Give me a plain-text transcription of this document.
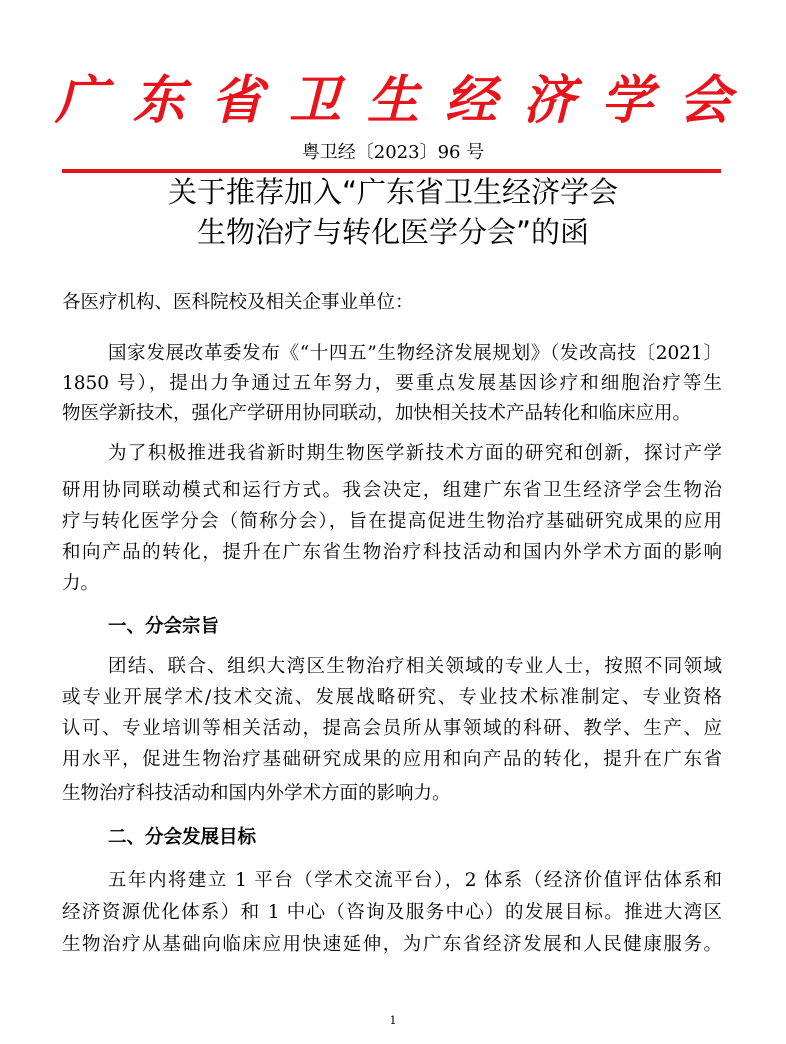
广东省卫生经济学会
粤卫经〔2023〕96 号
关于推荐加入“广东省卫生经济学会
生物治疗与转化医学分会”的函
各医疗机构、医科院校及相关企事业单位：
国家发展改革委发布《“十四五”生物经济发展规划》（发改高技〔2021〕
1850 号），提出力争通过五年努力，要重点发展基因诊疗和细胞治疗等生
物医学新技术，强化产学研用协同联动，加快相关技术产品转化和临床应用。
为了积极推进我省新时期生物医学新技术方面的研究和创新，探讨产学
研用协同联动模式和运行方式。我会决定，组建广东省卫生经济学会生物治
疗与转化医学分会（简称分会），旨在提高促进生物治疗基础研究成果的应用
和向产品的转化，提升在广东省生物治疗科技活动和国内外学术方面的影响
力。
一、分会宗旨
团结、联合、组织大湾区生物治疗相关领域的专业人士，按照不同领域
或专业开展学术/技术交流、发展战略研究、专业技术标准制定、专业资格
认可、专业培训等相关活动，提高会员所从事领域的科研、教学、生产、应
用水平，促进生物治疗基础研究成果的应用和向产品的转化，提升在广东省
生物治疗科技活动和国内外学术方面的影响力。
二、分会发展目标
五年内将建立 1 平台（学术交流平台），2 体系（经济价值评估体系和
经济资源优化体系）和 1 中心（咨询及服务中心）的发展目标。推进大湾区
生物治疗从基础向临床应用快速延伸，为广东省经济发展和人民健康服务。
1
